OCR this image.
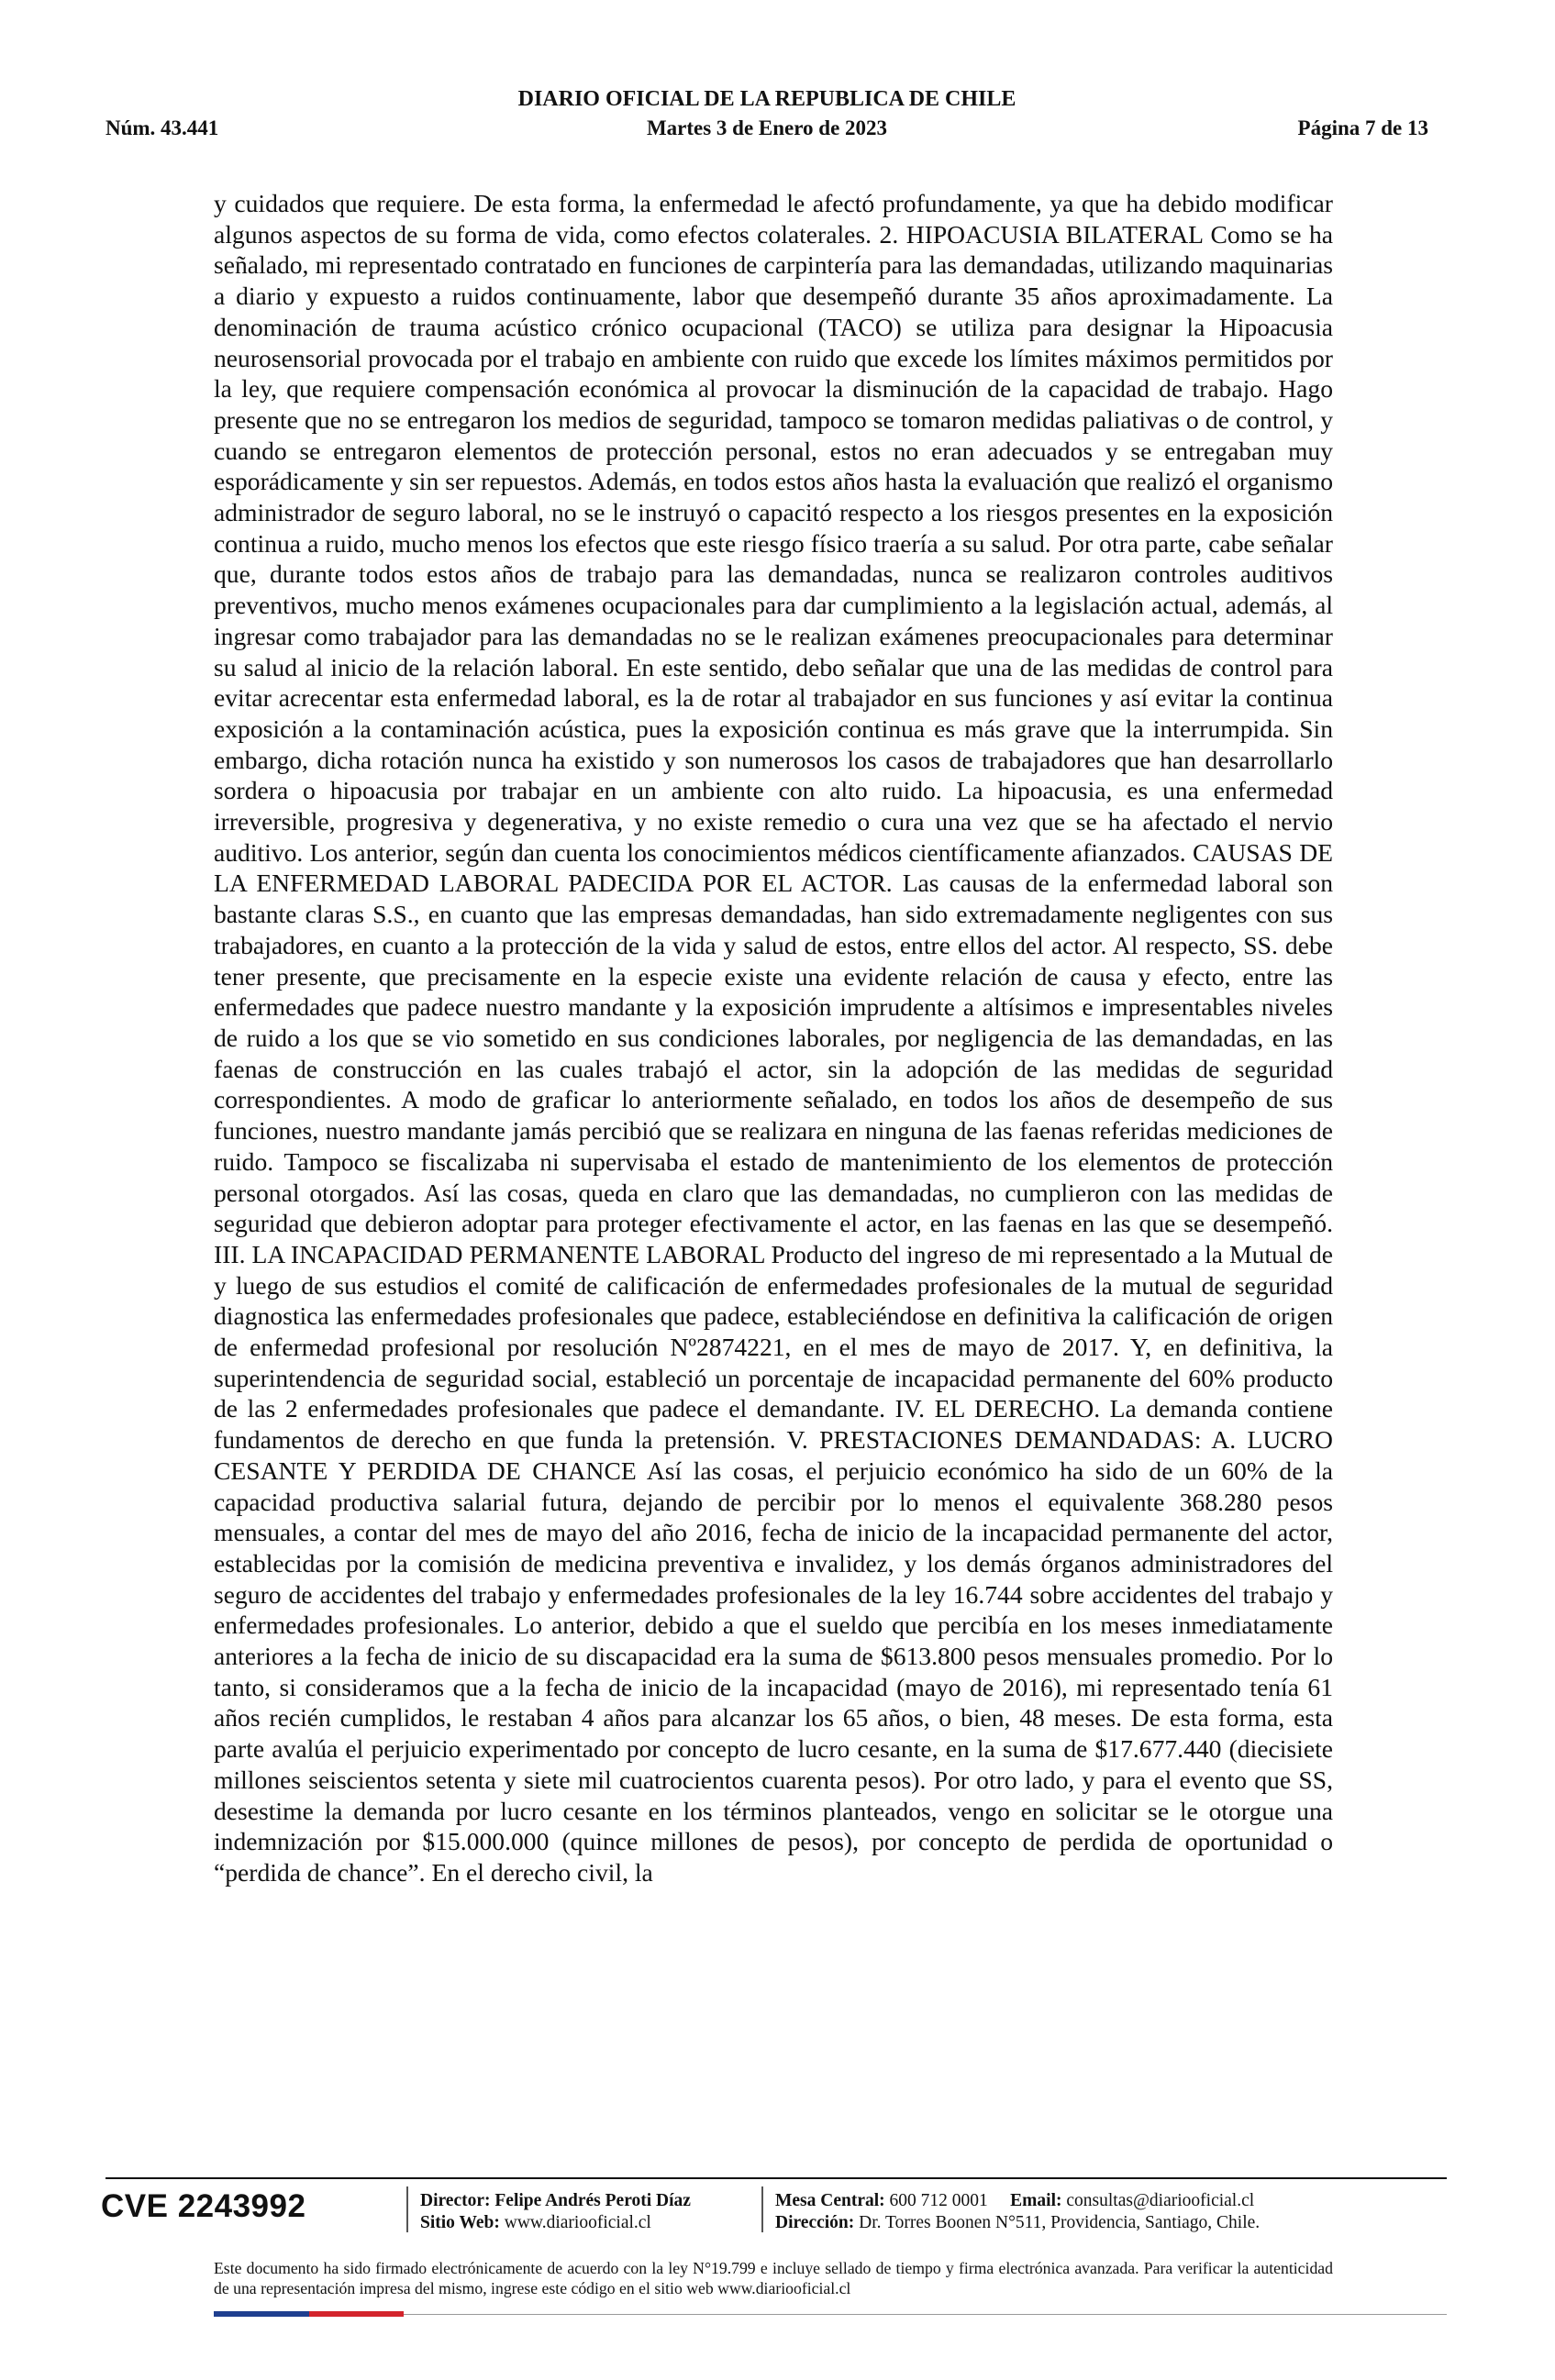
DIARIO OFICIAL DE LA REPUBLICA DE CHILE
Núm. 43.441	Martes 3 de Enero de 2023	Página 7 de 13

y cuidados que requiere. De esta forma, la enfermedad le afectó profundamente, ya que ha debido modificar algunos aspectos de su forma de vida, como efectos colaterales. 2. HIPOACUSIA BILATERAL Como se ha señalado, mi representado contratado en funciones de carpintería para las demandadas, utilizando maquinarias a diario y expuesto a ruidos continuamente, labor que desempeñó durante 35 años aproximadamente. La denominación de trauma acústico crónico ocupacional (TACO) se utiliza para designar la Hipoacusia neurosensorial provocada por el trabajo en ambiente con ruido que excede los límites máximos permitidos por la ley, que requiere compensación económica al provocar la disminución de la capacidad de trabajo. Hago presente que no se entregaron los medios de seguridad, tampoco se tomaron medidas paliativas o de control, y cuando se entregaron elementos de protección personal, estos no eran adecuados y se entregaban muy esporádicamente y sin ser repuestos. Además, en todos estos años hasta la evaluación que realizó el organismo administrador de seguro laboral, no se le instruyó o capacitó respecto a los riesgos presentes en la exposición continua a ruido, mucho menos los efectos que este riesgo físico traería a su salud. Por otra parte, cabe señalar que, durante todos estos años de trabajo para las demandadas, nunca se realizaron controles auditivos preventivos, mucho menos exámenes ocupacionales para dar cumplimiento a la legislación actual, además, al ingresar como trabajador para las demandadas no se le realizan exámenes preocupacionales para determinar su salud al inicio de la relación laboral. En este sentido, debo señalar que una de las medidas de control para evitar acrecentar esta enfermedad laboral, es la de rotar al trabajador en sus funciones y así evitar la continua exposición a la contaminación acústica, pues la exposición continua es más grave que la interrumpida. Sin embargo, dicha rotación nunca ha existido y son numerosos los casos de trabajadores que han desarrollarlo sordera o hipoacusia por trabajar en un ambiente con alto ruido. La hipoacusia, es una enfermedad irreversible, progresiva y degenerativa, y no existe remedio o cura una vez que se ha afectado el nervio auditivo. Los anterior, según dan cuenta los conocimientos médicos científicamente afianzados. CAUSAS DE LA ENFERMEDAD LABORAL PADECIDA POR EL ACTOR. Las causas de la enfermedad laboral son bastante claras S.S., en cuanto que las empresas demandadas, han sido extremadamente negligentes con sus trabajadores, en cuanto a la protección de la vida y salud de estos, entre ellos del actor. Al respecto, SS. debe tener presente, que precisamente en la especie existe una evidente relación de causa y efecto, entre las enfermedades que padece nuestro mandante y la exposición imprudente a altísimos e impresentables niveles de ruido a los que se vio sometido en sus condiciones laborales, por negligencia de las demandadas, en las faenas de construcción en las cuales trabajó el actor, sin la adopción de las medidas de seguridad correspondientes. A modo de graficar lo anteriormente señalado, en todos los años de desempeño de sus funciones, nuestro mandante jamás percibió que se realizara en ninguna de las faenas referidas mediciones de ruido. Tampoco se fiscalizaba ni supervisaba el estado de mantenimiento de los elementos de protección personal otorgados. Así las cosas, queda en claro que las demandadas, no cumplieron con las medidas de seguridad que debieron adoptar para proteger efectivamente el actor, en las faenas en las que se desempeñó. III. LA INCAPACIDAD PERMANENTE LABORAL Producto del ingreso de mi representado a la Mutual de y luego de sus estudios el comité de calificación de enfermedades profesionales de la mutual de seguridad diagnostica las enfermedades profesionales que padece, estableciéndose en definitiva la calificación de origen de enfermedad profesional por resolución Nº2874221, en el mes de mayo de 2017. Y, en definitiva, la superintendencia de seguridad social, estableció un porcentaje de incapacidad permanente del 60% producto de las 2 enfermedades profesionales que padece el demandante. IV. EL DERECHO. La demanda contiene fundamentos de derecho en que funda la pretensión. V. PRESTACIONES DEMANDADAS: A. LUCRO CESANTE Y PERDIDA DE CHANCE Así las cosas, el perjuicio económico ha sido de un 60% de la capacidad productiva salarial futura, dejando de percibir por lo menos el equivalente 368.280 pesos mensuales, a contar del mes de mayo del año 2016, fecha de inicio de la incapacidad permanente del actor, establecidas por la comisión de medicina preventiva e invalidez, y los demás órganos administradores del seguro de accidentes del trabajo y enfermedades profesionales de la ley 16.744 sobre accidentes del trabajo y enfermedades profesionales. Lo anterior, debido a que el sueldo que percibía en los meses inmediatamente anteriores a la fecha de inicio de su discapacidad era la suma de $613.800 pesos mensuales promedio. Por lo tanto, si consideramos que a la fecha de inicio de la incapacidad (mayo de 2016), mi representado tenía 61 años recién cumplidos, le restaban 4 años para alcanzar los 65 años, o bien, 48 meses. De esta forma, esta parte avalúa el perjuicio experimentado por concepto de lucro cesante, en la suma de $17.677.440 (diecisiete millones seiscientos setenta y siete mil cuatrocientos cuarenta pesos). Por otro lado, y para el evento que SS, desestime la demanda por lucro cesante en los términos planteados, vengo en solicitar se le otorgue una indemnización por $15.000.000 (quince millones de pesos), por concepto de perdida de oportunidad o “perdida de chance”. En el derecho civil, la

CVE 2243992	Director: Felipe Andrés Peroti Díaz
Sitio Web: www.diariooficial.cl
Mesa Central: 600 712 0001 Email: consultas@diariooficial.cl
Dirección: Dr. Torres Boonen N°511, Providencia, Santiago, Chile.

Este documento ha sido firmado electrónicamente de acuerdo con la ley N°19.799 e incluye sellado de tiempo y firma electrónica avanzada. Para verificar la autenticidad de una representación impresa del mismo, ingrese este código en el sitio web www.diariooficial.cl
